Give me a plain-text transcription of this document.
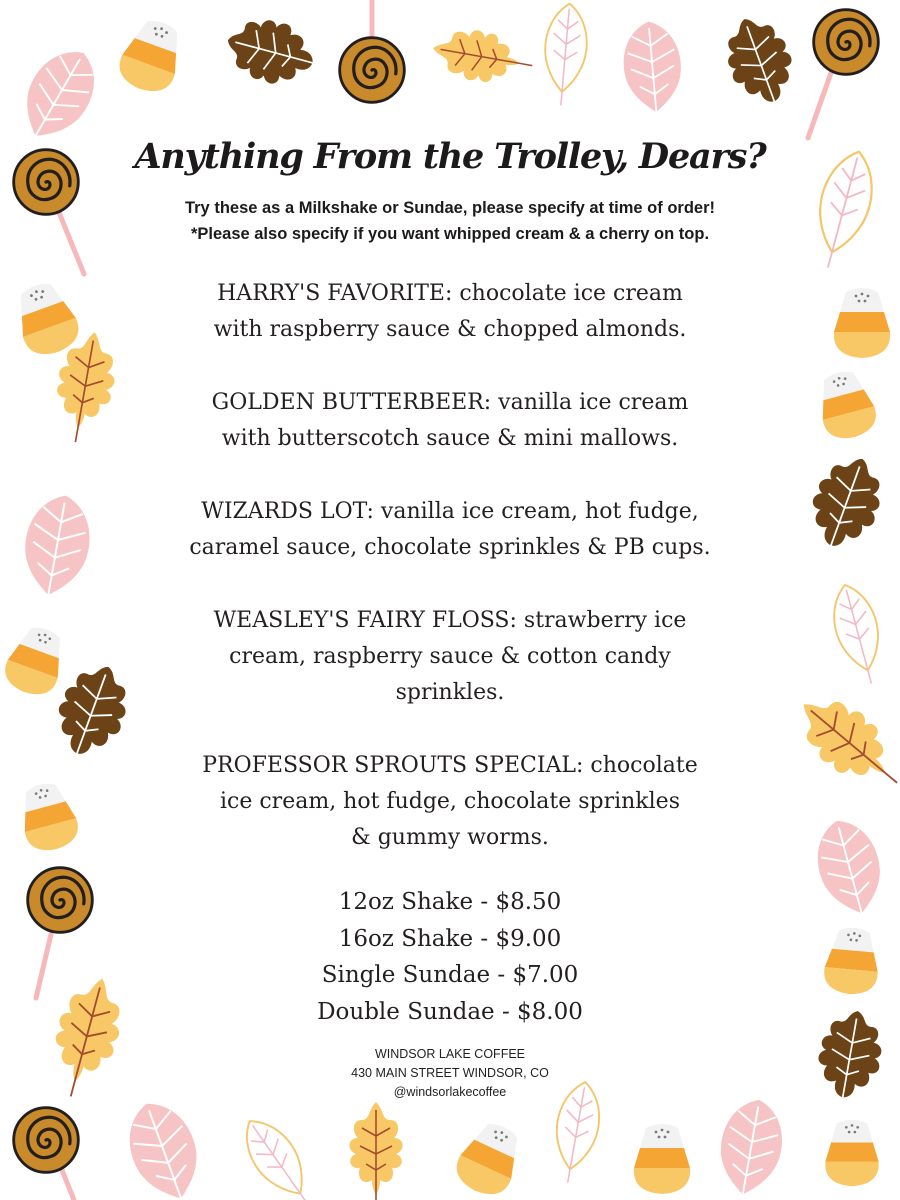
Anything From the Trolley, Dears?
Try these as a Milkshake or Sundae, please specify at time of order!
*Please also specify if you want whipped cream & a cherry on top.

HARRY'S FAVORITE: chocolate ice cream
with raspberry sauce & chopped almonds.

GOLDEN BUTTERBEER: vanilla ice cream
with butterscotch sauce & mini mallows.

WIZARDS LOT: vanilla ice cream, hot fudge,
caramel sauce, chocolate sprinkles & PB cups.

WEASLEY'S FAIRY FLOSS: strawberry ice
cream, raspberry sauce & cotton candy
sprinkles.

PROFESSOR SPROUTS SPECIAL: chocolate
ice cream, hot fudge, chocolate sprinkles
& gummy worms.

12oz Shake - $8.50
16oz Shake - $9.00
Single Sundae - $7.00
Double Sundae - $8.00
WINDSOR LAKE COFFEE
430 MAIN STREET WINDSOR, CO
@windsorlakecoffee
